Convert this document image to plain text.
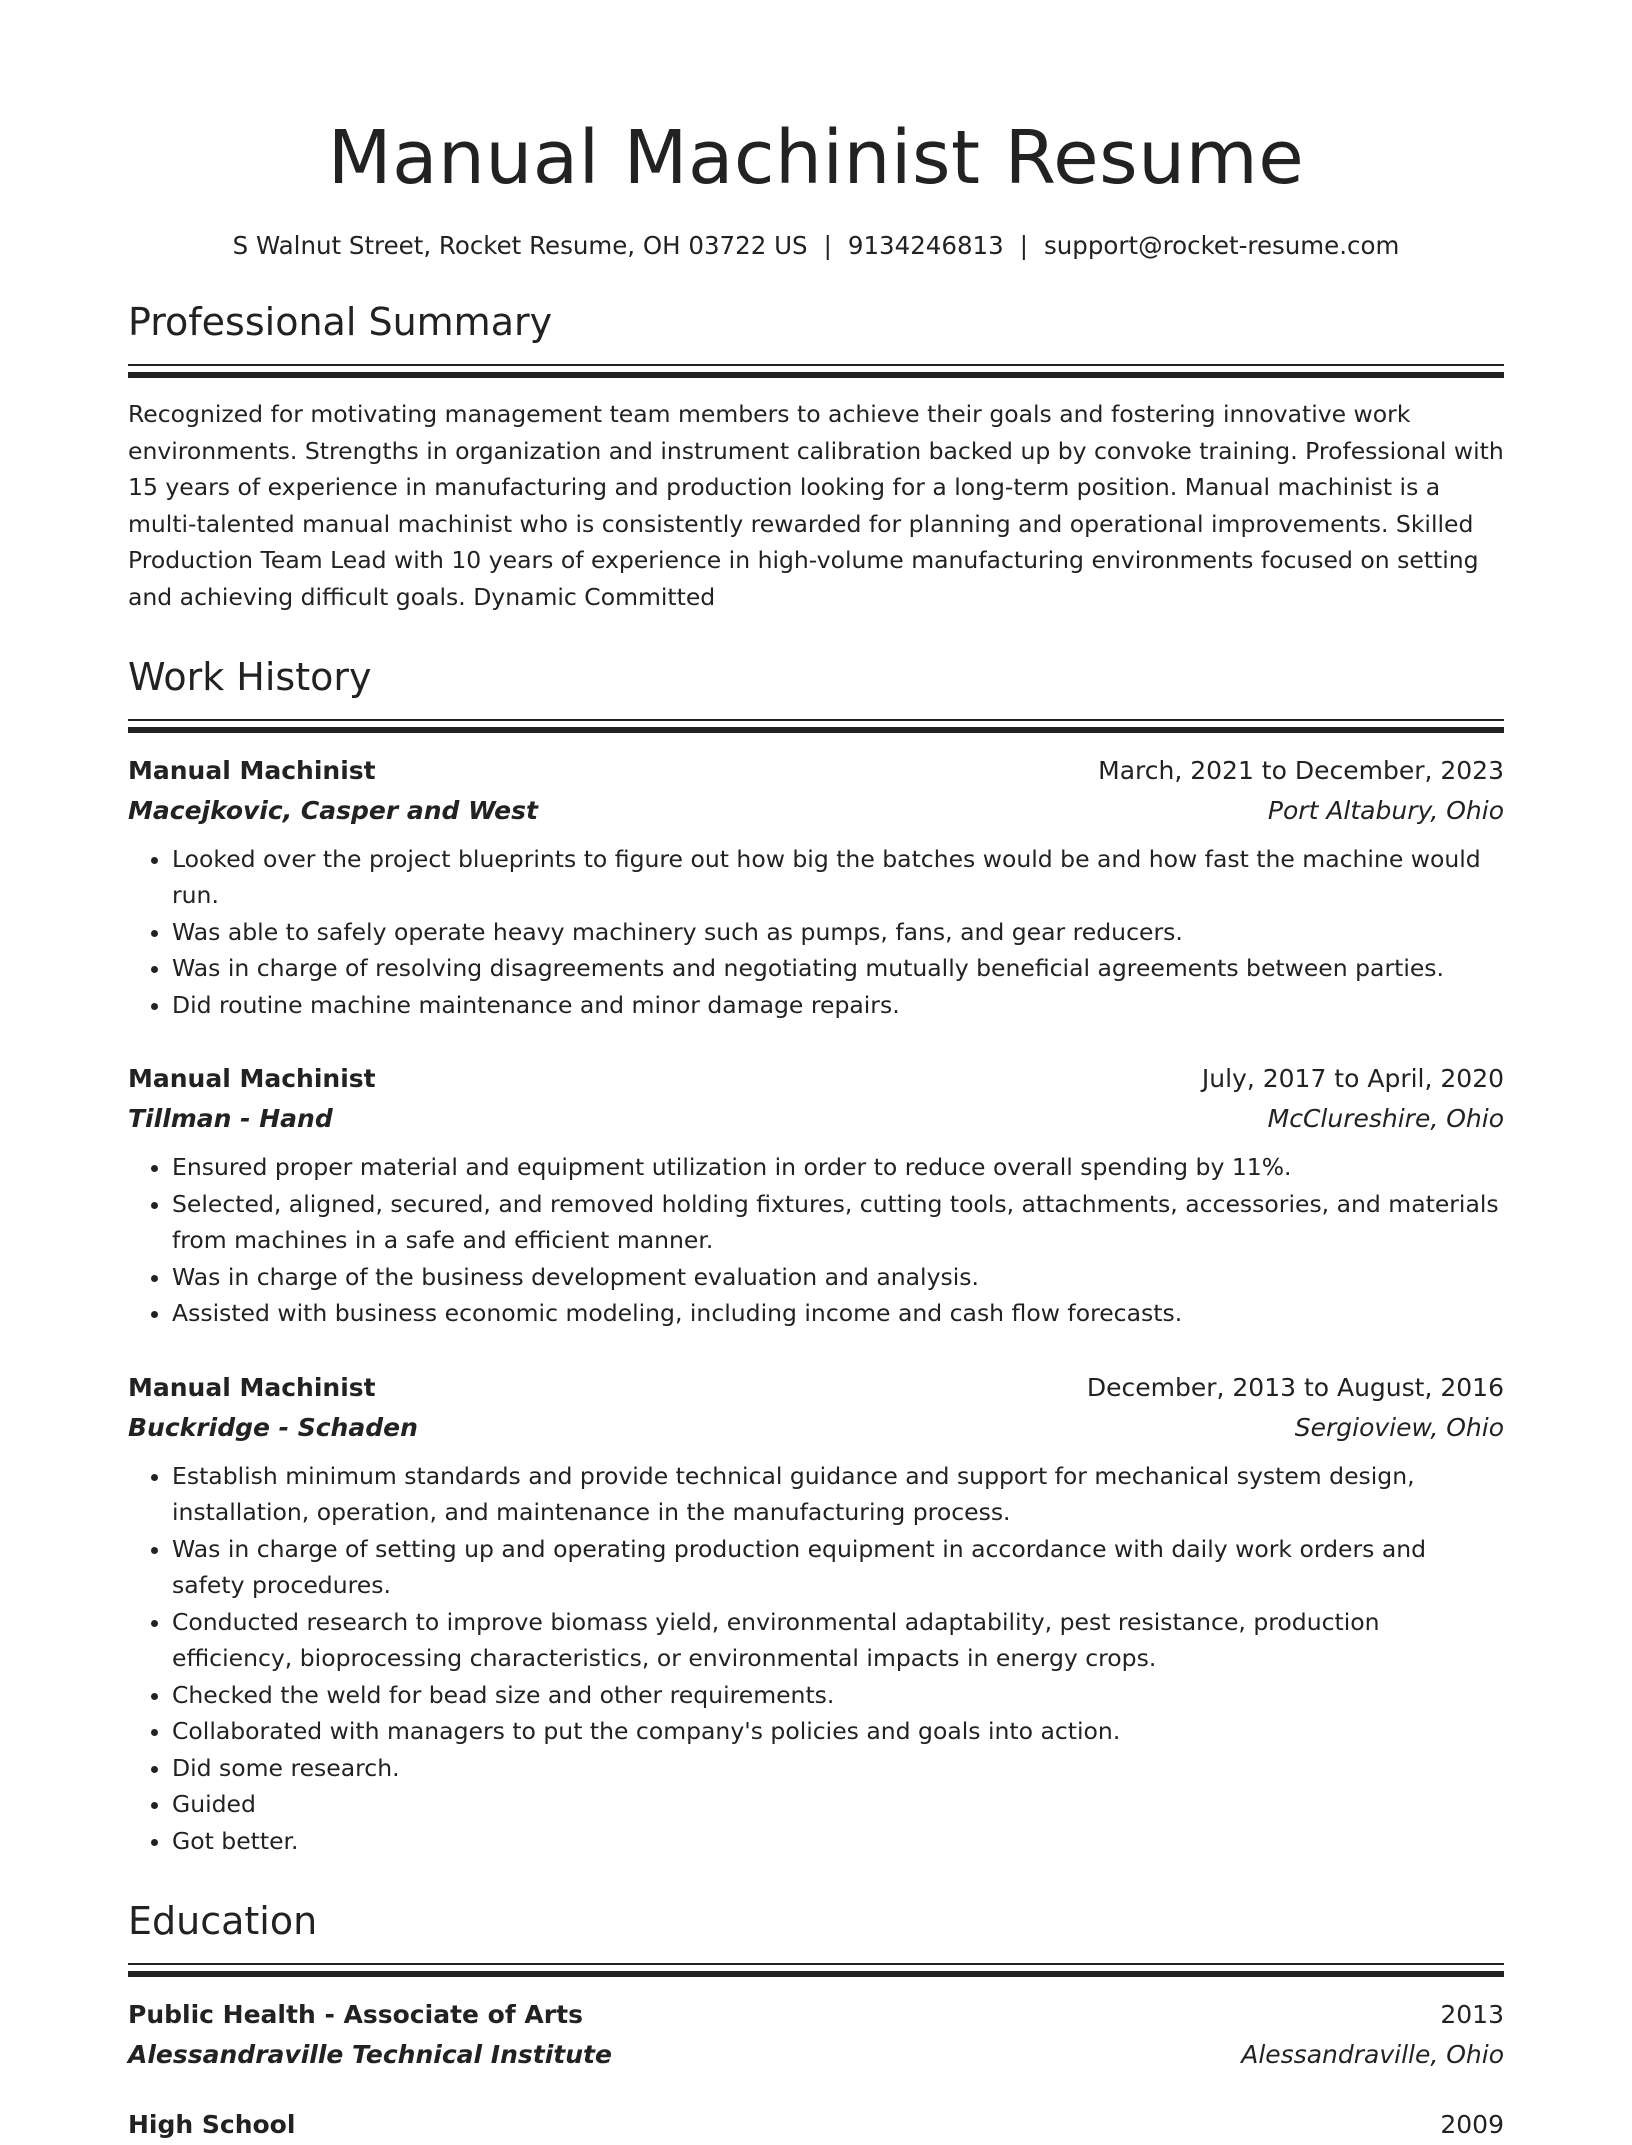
Manual Machinist Resume
S Walnut Street, Rocket Resume, OH 03722 US | 9134246813 | support@rocket-resume.com
Professional Summary
Recognized for motivating management team members to achieve their goals and fostering innovative work environments. Strengths in organization and instrument calibration backed up by convoke training. Professional with 15 years of experience in manufacturing and production looking for a long-term position. Manual machinist is a multi-talented manual machinist who is consistently rewarded for planning and operational improvements. Skilled Production Team Lead with 10 years of experience in high-volume manufacturing environments focused on setting and achieving difficult goals. Dynamic Committed
Work History
Manual Machinist	March, 2021 to December, 2023
Macejkovic, Casper and West	Port Altabury, Ohio
• Looked over the project blueprints to figure out how big the batches would be and how fast the machine would run.
• Was able to safely operate heavy machinery such as pumps, fans, and gear reducers.
• Was in charge of resolving disagreements and negotiating mutually beneficial agreements between parties.
• Did routine machine maintenance and minor damage repairs.
Manual Machinist	July, 2017 to April, 2020
Tillman - Hand	McClureshire, Ohio
• Ensured proper material and equipment utilization in order to reduce overall spending by 11%.
• Selected, aligned, secured, and removed holding fixtures, cutting tools, attachments, accessories, and materials from machines in a safe and efficient manner.
• Was in charge of the business development evaluation and analysis.
• Assisted with business economic modeling, including income and cash flow forecasts.
Manual Machinist	December, 2013 to August, 2016
Buckridge - Schaden	Sergioview, Ohio
• Establish minimum standards and provide technical guidance and support for mechanical system design, installation, operation, and maintenance in the manufacturing process.
• Was in charge of setting up and operating production equipment in accordance with daily work orders and safety procedures.
• Conducted research to improve biomass yield, environmental adaptability, pest resistance, production efficiency, bioprocessing characteristics, or environmental impacts in energy crops.
• Checked the weld for bead size and other requirements.
• Collaborated with managers to put the company's policies and goals into action.
• Did some research.
• Guided
• Got better.
Education
Public Health - Associate of Arts	2013
Alessandraville Technical Institute	Alessandraville, Ohio
High School	2009
